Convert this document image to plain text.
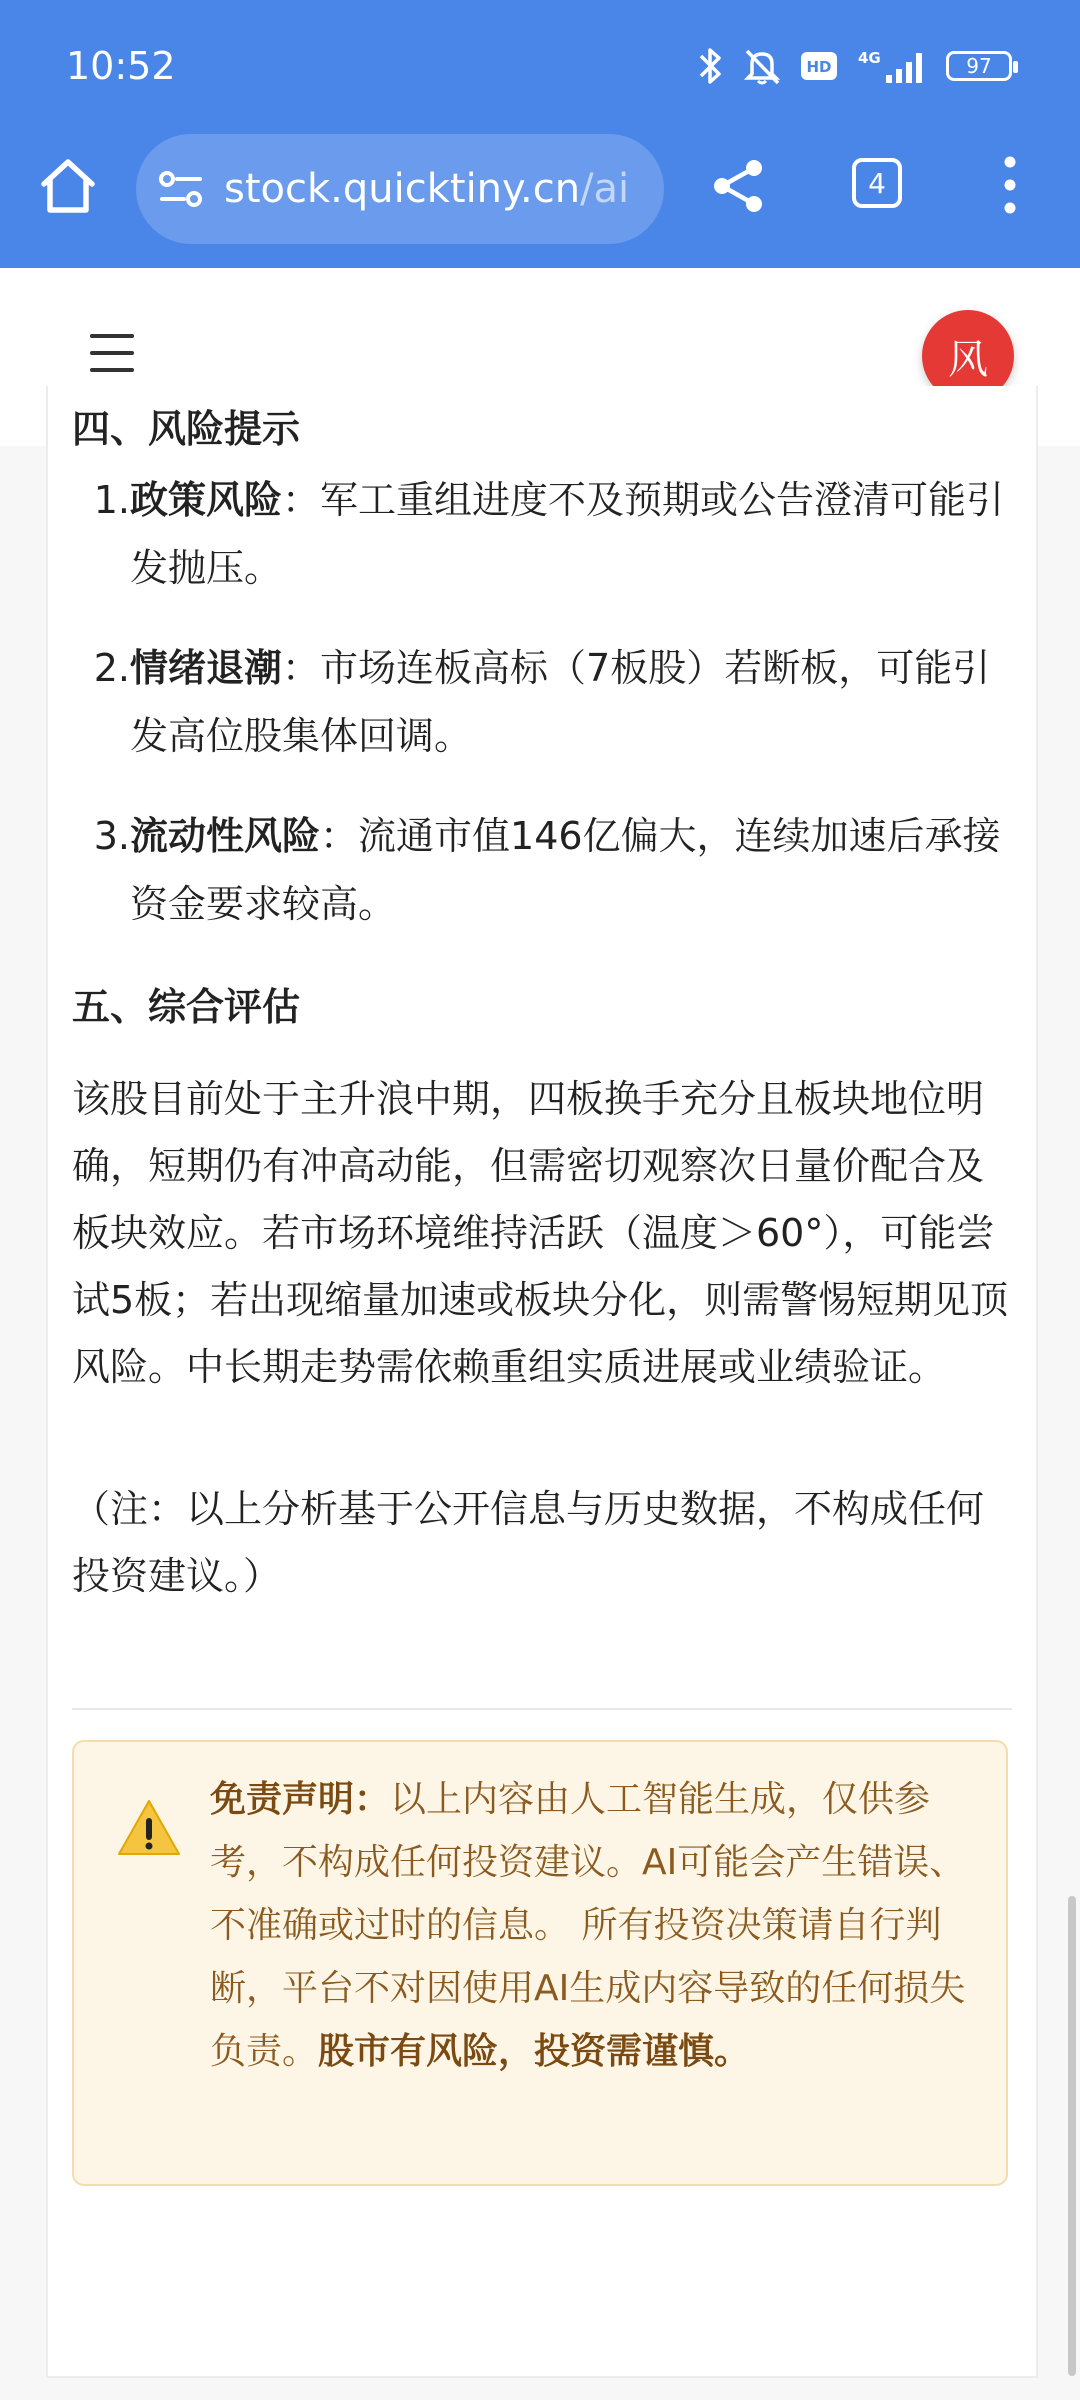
10:52	HD 4G	97
stock.quicktiny.cn/ai	4
风
四、风险提示
1. 政策风险：军工重组进度不及预期或公告澄清可能引发抛压。
2. 情绪退潮：市场连板高标（7板股）若断板，可能引发高位股集体回调。
3. 流动性风险：流通市值146亿偏大，连续加速后承接资金要求较高。
五、综合评估
该股目前处于主升浪中期，四板换手充分且板块地位明确，短期仍有冲高动能，但需密切观察次日量价配合及板块效应。若市场环境维持活跃（温度＞60°），可能尝试5板；若出现缩量加速或板块分化，则需警惕短期见顶风险。中长期走势需依赖重组实质进展或业绩验证。
（注：以上分析基于公开信息与历史数据，不构成任何投资建议。）
免责声明：以上内容由人工智能生成，仅供参考，不构成任何投资建议。AI可能会产生错误、不准确或过时的信息。 所有投资决策请自行判断，平台不对因使用AI生成内容导致的任何损失负责。股市有风险，投资需谨慎。
